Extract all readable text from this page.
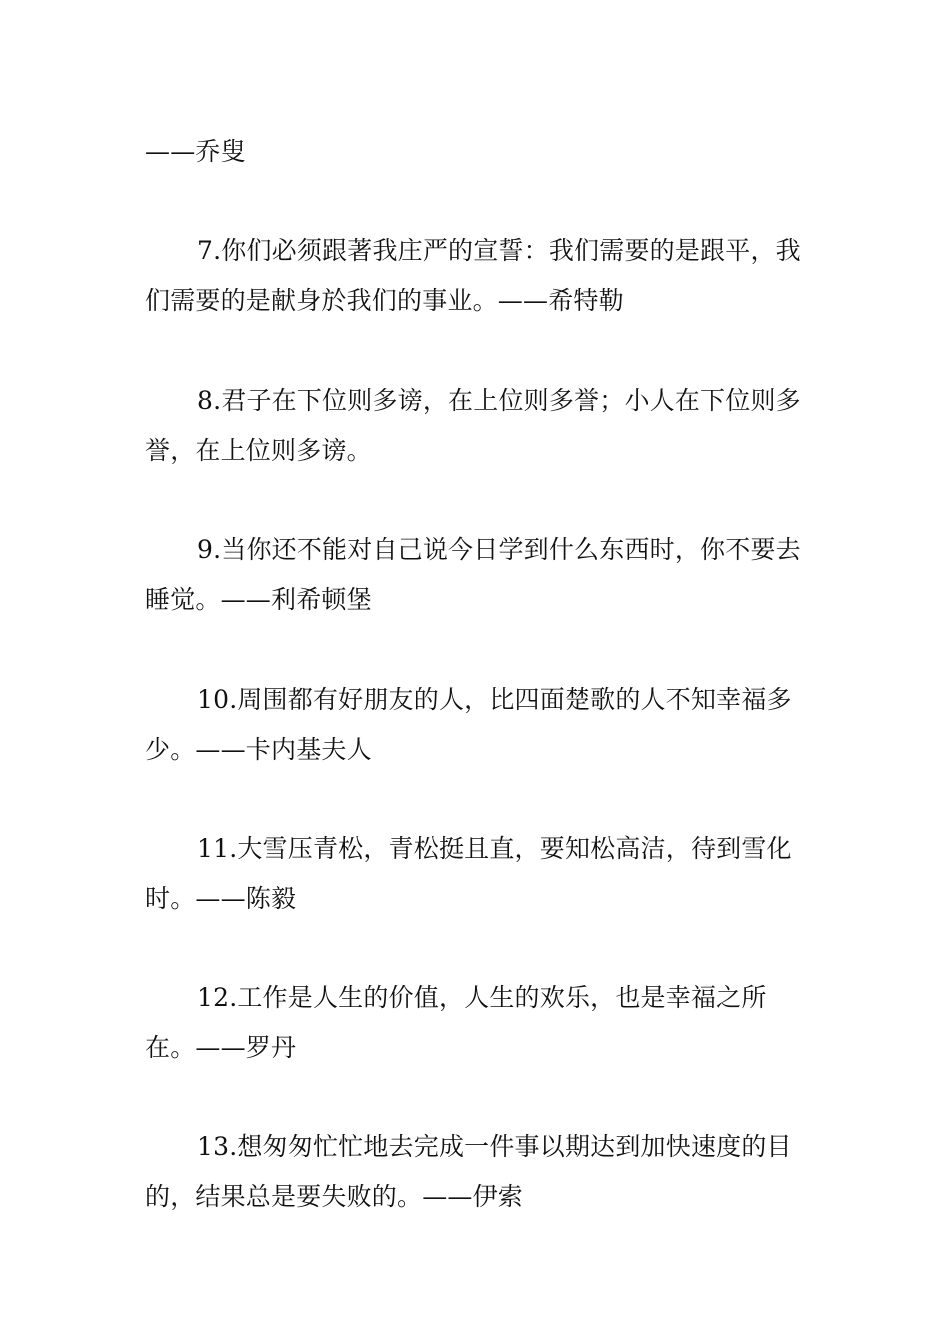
——乔叟

7.你们必须跟著我庄严的宣誓：我们需要的是跟平，我们需要的是献身於我们的事业。——希特勒

8.君子在下位则多谤，在上位则多誉；小人在下位则多誉，在上位则多谤。

9.当你还不能对自己说今日学到什么东西时，你不要去睡觉。——利希顿堡

10.周围都有好朋友的人，比四面楚歌的人不知幸福多少。——卡内基夫人

11.大雪压青松，青松挺且直，要知松高洁，待到雪化时。——陈毅

12.工作是人生的价值，人生的欢乐，也是幸福之所在。——罗丹

13.想匆匆忙忙地去完成一件事以期达到加快速度的目的，结果总是要失败的。——伊索
